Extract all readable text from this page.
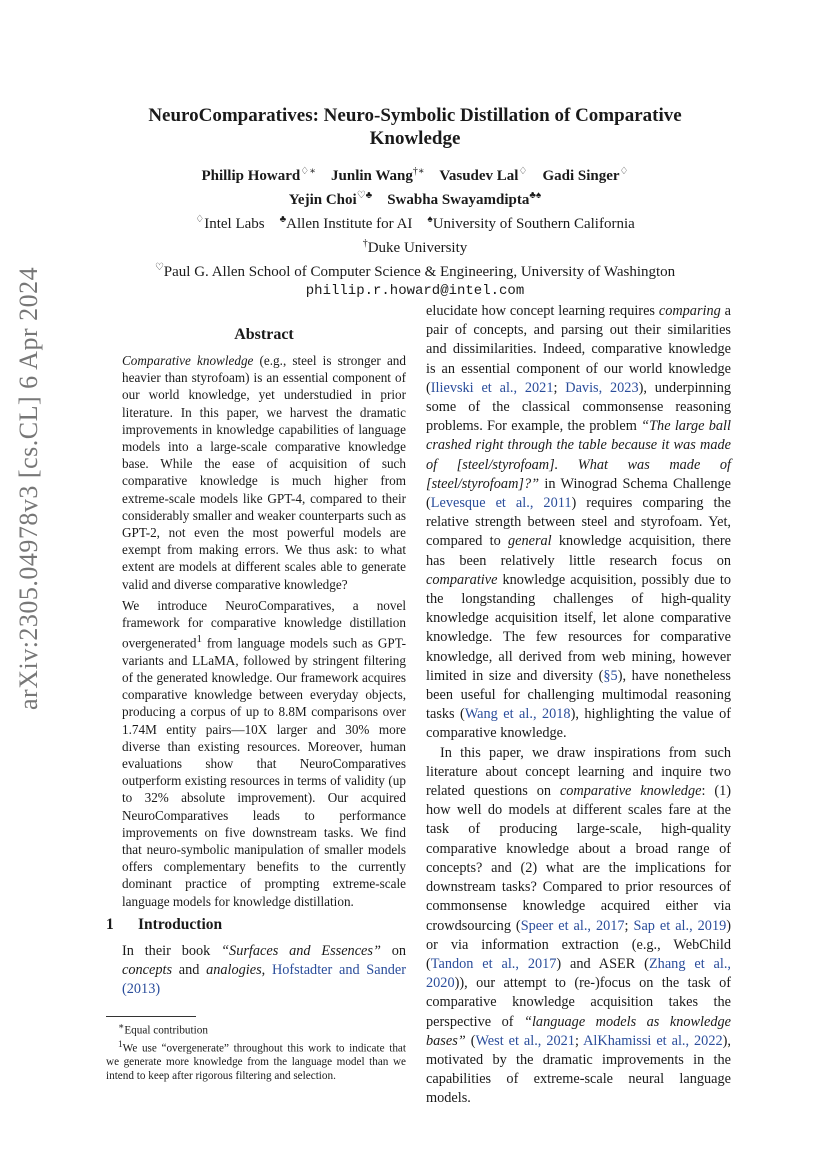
arXiv:2305.04978v3 [cs.CL] 6 Apr 2024
NeuroComparatives: Neuro-Symbolic Distillation of Comparative
Knowledge
Phillip Howard♢∗ Junlin Wang†∗ Vasudev Lal♢ Gadi Singer♢
Yejin Choi♡♣ Swabha Swayamdipta♣♠
♢Intel Labs ♣Allen Institute for AI ♠University of Southern California
†Duke University
♡Paul G. Allen School of Computer Science & Engineering, University of Washington
phillip.r.howard@intel.com
Abstract

Comparative knowledge (e.g., steel is stronger and heavier than styrofoam) is an essential component of our world knowledge, yet understudied in prior literature. In this paper, we harvest the dramatic improvements in knowledge capabilities of language models into a large-scale comparative knowledge base. While the ease of acquisition of such comparative knowledge is much higher from extreme-scale models like GPT-4, compared to their considerably smaller and weaker counterparts such as GPT-2, not even the most powerful models are exempt from making errors. We thus ask: to what extent are models at different scales able to generate valid and diverse comparative knowledge?

We introduce NeuroComparatives, a novel framework for comparative knowledge distillation overgenerated$^1$ from language models such as GPT-variants and LLaMA, followed by stringent filtering of the generated knowledge. Our framework acquires comparative knowledge between everyday objects, producing a corpus of up to 8.8M comparisons over 1.74M entity pairs—10X larger and 30% more diverse than existing resources. Moreover, human evaluations show that NeuroComparatives outperform existing resources in terms of validity (up to 32% absolute improvement). Our acquired NeuroComparatives leads to performance improvements on five downstream tasks. We find that neuro-symbolic manipulation of smaller models offers complementary benefits to the currently dominant practice of prompting extreme-scale language models for knowledge distillation.

1 Introduction

In their book “Surfaces and Essences” on concepts and analogies, Hofstadter and Sander (2013)

∗Equal contribution

$^1$We use “overgenerate” throughout this work to indicate that we generate more knowledge from the language model than we intend to keep after rigorous filtering and selection.

elucidate how concept learning requires comparing a pair of concepts, and parsing out their similarities and dissimilarities. Indeed, comparative knowledge is an essential component of our world knowledge (Ilievski et al., 2021; Davis, 2023), underpinning some of the classical commonsense reasoning problems. For example, the problem “The large ball crashed right through the table because it was made of [steel/styrofoam]. What was made of [steel/styrofoam]?” in Winograd Schema Challenge (Levesque et al., 2011) requires comparing the relative strength between steel and styrofoam. Yet, compared to general knowledge acquisition, there has been relatively little research focus on comparative knowledge acquisition, possibly due to the longstanding challenges of high-quality knowledge acquisition itself, let alone comparative knowledge. The few resources for comparative knowledge, all derived from web mining, however limited in size and diversity (§5), have nonetheless been useful for challenging multimodal reasoning tasks (Wang et al., 2018), highlighting the value of comparative knowledge.

In this paper, we draw inspirations from such literature about concept learning and inquire two related questions on comparative knowledge: (1) how well do models at different scales fare at the task of producing large-scale, high-quality comparative knowledge about a broad range of concepts? and (2) what are the implications for downstream tasks? Compared to prior resources of commonsense knowledge acquired either via crowdsourcing (Speer et al., 2017; Sap et al., 2019) or via information extraction (e.g., WebChild (Tandon et al., 2017) and ASER (Zhang et al., 2020)), our attempt to (re-)focus on the task of comparative knowledge acquisition takes the perspective of “language models as knowledge bases” (West et al., 2021; AlKhamissi et al., 2022), motivated by the dramatic improvements in the capabilities of extreme-scale neural language models.
